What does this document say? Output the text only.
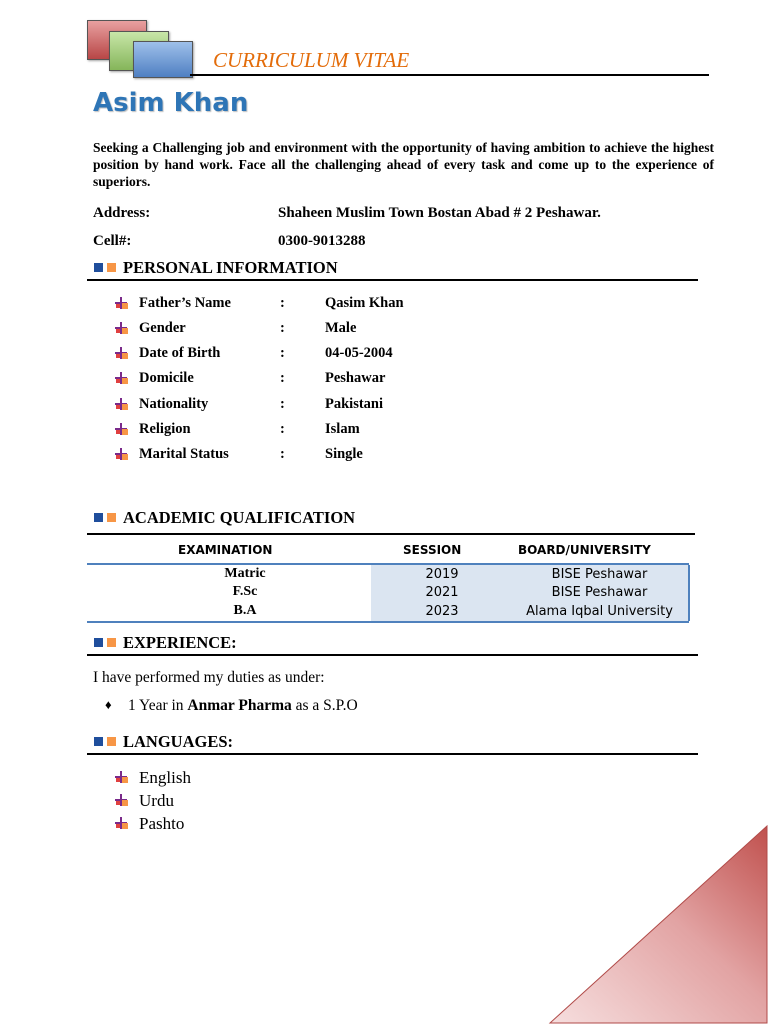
CURRICULUM VITAE
Asim Khan
Seeking a Challenging job and environment with the opportunity of having ambition to achieve the highest position by hand work. Face all the challenging ahead of every task and come up to the experience of superiors.
Address:	Shaheen Muslim Town Bostan Abad # 2 Peshawar.
Cell#:	0300-9013288
PERSONAL INFORMATION
Father’s Name	:	Qasim Khan
Gender	:	Male
Date of Birth	:	04-05-2004
Domicile	:	Peshawar
Nationality	:	Pakistani
Religion	:	Islam
Marital Status	:	Single
ACADEMIC QUALIFICATION
EXAMINATION	SESSION	BOARD/UNIVERSITY
Matric	2019	BISE Peshawar
F.Sc	2021	BISE Peshawar
B.A	2023	Alama Iqbal University
EXPERIENCE:
I have performed my duties as under:
♦ 1 Year in Anmar Pharma as a S.P.O
LANGUAGES:
English
Urdu
Pashto
